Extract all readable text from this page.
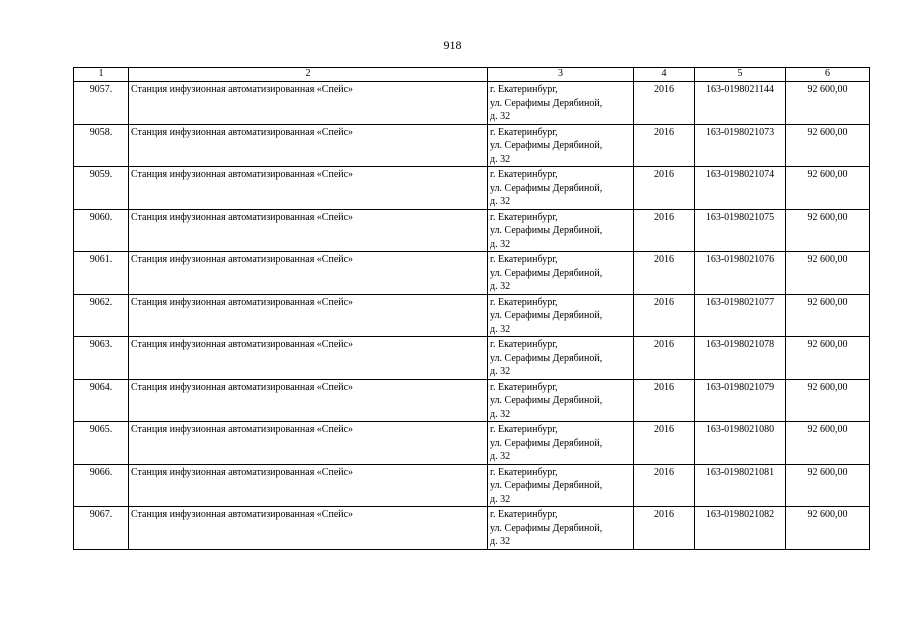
918
1	2	3	4	5	6
9057.	Станция инфузионная автоматизированная «Спейс»	г. Екатеринбург,
ул. Серафимы Дерябиной,
д. 32	2016	163-0198021144	92 600,00
9058.	Станция инфузионная автоматизированная «Спейс»	г. Екатеринбург,
ул. Серафимы Дерябиной,
д. 32	2016	163-0198021073	92 600,00
9059.	Станция инфузионная автоматизированная «Спейс»	г. Екатеринбург,
ул. Серафимы Дерябиной,
д. 32	2016	163-0198021074	92 600,00
9060.	Станция инфузионная автоматизированная «Спейс»	г. Екатеринбург,
ул. Серафимы Дерябиной,
д. 32	2016	163-0198021075	92 600,00
9061.	Станция инфузионная автоматизированная «Спейс»	г. Екатеринбург,
ул. Серафимы Дерябиной,
д. 32	2016	163-0198021076	92 600,00
9062.	Станция инфузионная автоматизированная «Спейс»	г. Екатеринбург,
ул. Серафимы Дерябиной,
д. 32	2016	163-0198021077	92 600,00
9063.	Станция инфузионная автоматизированная «Спейс»	г. Екатеринбург,
ул. Серафимы Дерябиной,
д. 32	2016	163-0198021078	92 600,00
9064.	Станция инфузионная автоматизированная «Спейс»	г. Екатеринбург,
ул. Серафимы Дерябиной,
д. 32	2016	163-0198021079	92 600,00
9065.	Станция инфузионная автоматизированная «Спейс»	г. Екатеринбург,
ул. Серафимы Дерябиной,
д. 32	2016	163-0198021080	92 600,00
9066.	Станция инфузионная автоматизированная «Спейс»	г. Екатеринбург,
ул. Серафимы Дерябиной,
д. 32	2016	163-0198021081	92 600,00
9067.	Станция инфузионная автоматизированная «Спейс»	г. Екатеринбург,
ул. Серафимы Дерябиной,
д. 32	2016	163-0198021082	92 600,00
